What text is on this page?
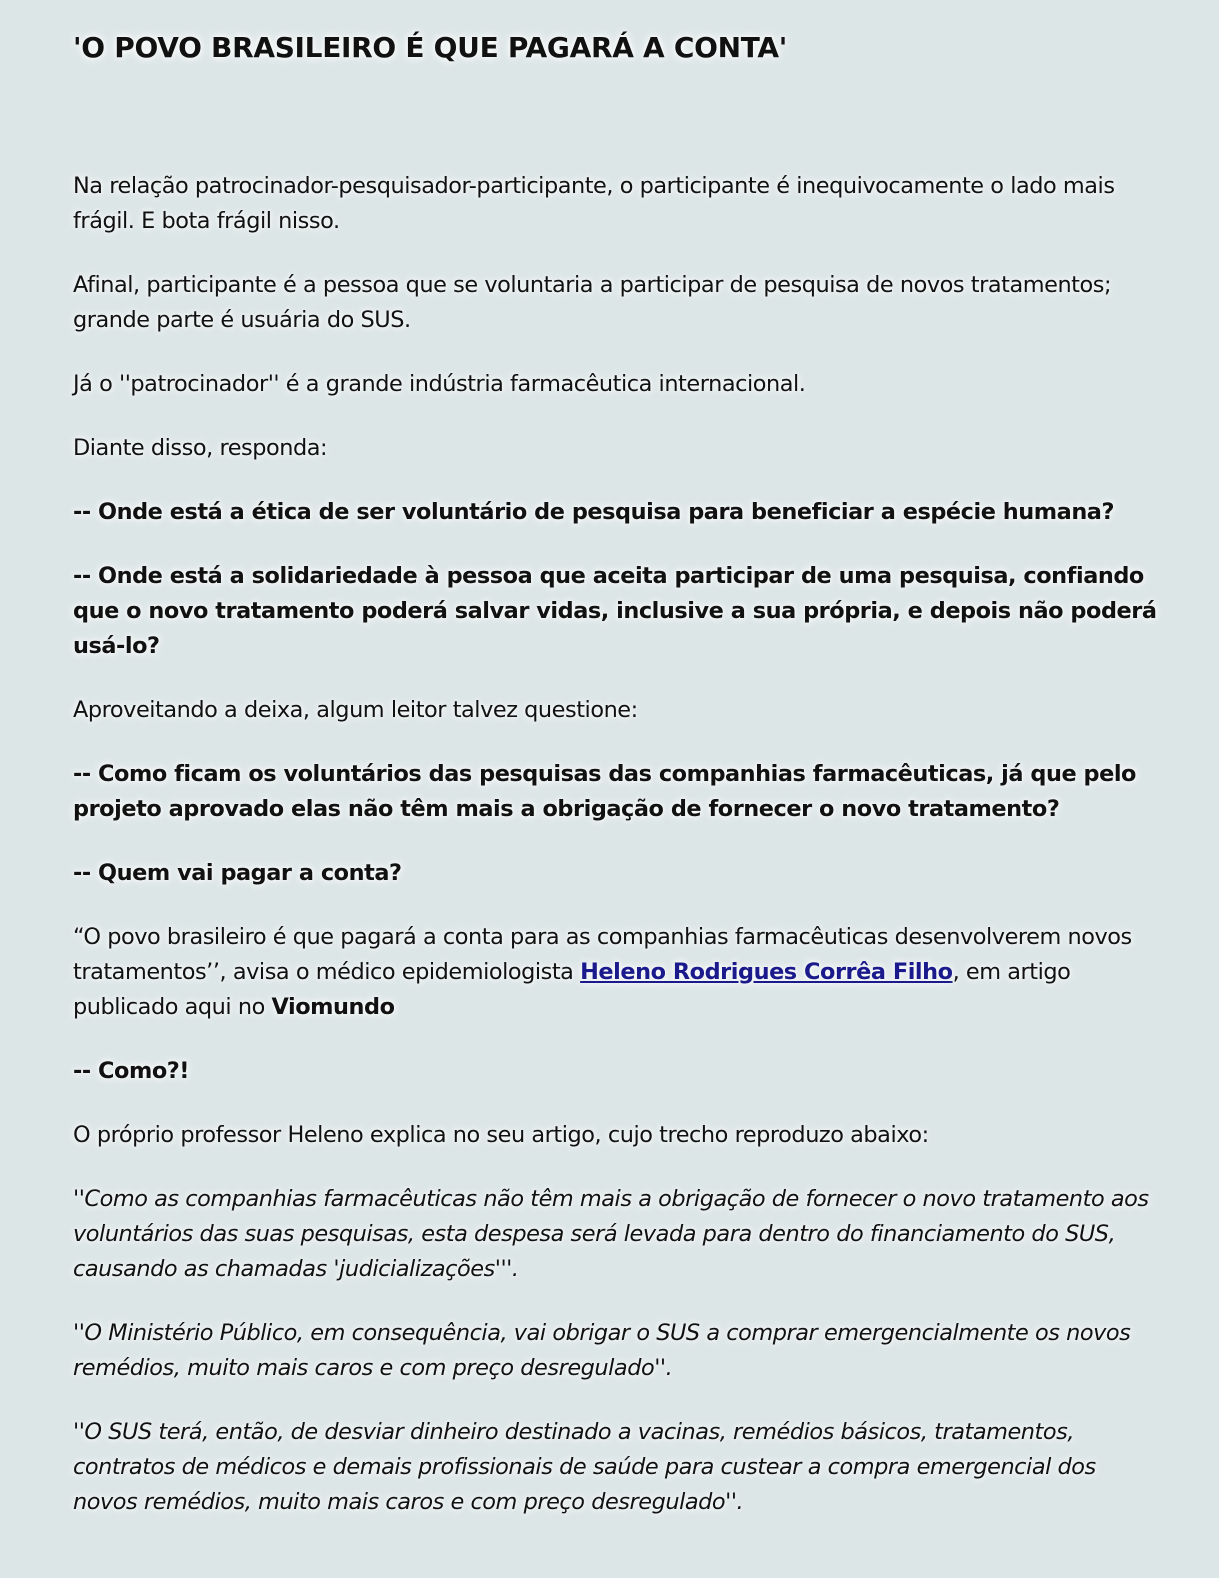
'O POVO BRASILEIRO É QUE PAGARÁ A CONTA'

Na relação patrocinador-pesquisador-participante, o participante é inequivocamente o lado mais frágil. E bota frágil nisso.

Afinal, participante é a pessoa que se voluntaria a participar de pesquisa de novos tratamentos; grande parte é usuária do SUS.

Já o ''patrocinador'' é a grande indústria farmacêutica internacional.

Diante disso, responda:

-- Onde está a ética de ser voluntário de pesquisa para beneficiar a espécie humana?

-- Onde está a solidariedade à pessoa que aceita participar de uma pesquisa, confiando que o novo tratamento poderá salvar vidas, inclusive a sua própria, e depois não poderá usá-lo?

Aproveitando a deixa, algum leitor talvez questione:

-- Como ficam os voluntários das pesquisas das companhias farmacêuticas, já que pelo projeto aprovado elas não têm mais a obrigação de fornecer o novo tratamento?

-- Quem vai pagar a conta?

“O povo brasileiro é que pagará a conta para as companhias farmacêuticas desenvolverem novos tratamentos’’, avisa o médico epidemiologista Heleno Rodrigues Corrêa Filho, em artigo publicado aqui no Viomundo

-- Como?!

O próprio professor Heleno explica no seu artigo, cujo trecho reproduzo abaixo:

''Como as companhias farmacêuticas não têm mais a obrigação de fornecer o novo tratamento aos voluntários das suas pesquisas, esta despesa será levada para dentro do financiamento do SUS, causando as chamadas 'judicializações'''.

''O Ministério Público, em consequência, vai obrigar o SUS a comprar emergencialmente os novos remédios, muito mais caros e com preço desregulado''.

''O SUS terá, então, de desviar dinheiro destinado a vacinas, remédios básicos, tratamentos, contratos de médicos e demais profissionais de saúde para custear a compra emergencial dos novos remédios, muito mais caros e com preço desregulado''.
